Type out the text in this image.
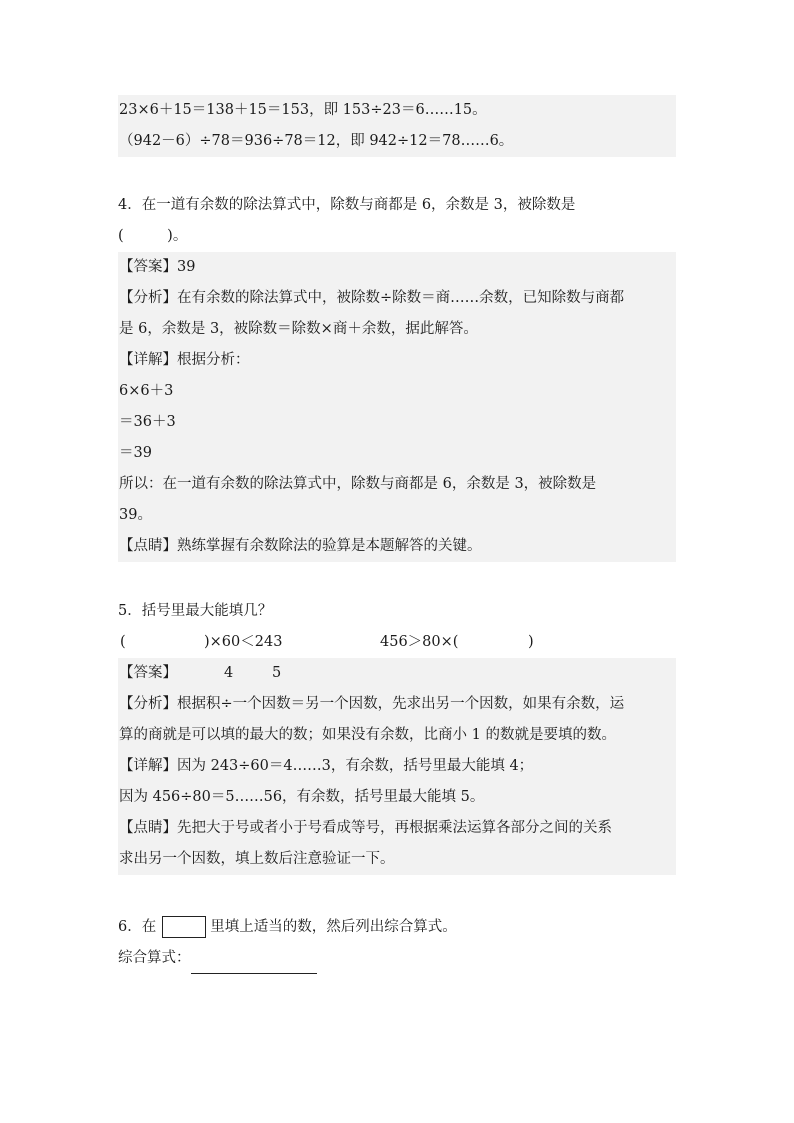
23×6＋15＝138＋15＝153，即 153÷23＝6……15。
（942－6）÷78＝936÷78＝12，即 942÷12＝78……6。
4．在一道有余数的除法算式中，除数与商都是 6，余数是 3，被除数是
(　　　)。
【答案】39
【分析】在有余数的除法算式中，被除数÷除数＝商……余数，已知除数与商都
是 6，余数是 3，被除数＝除数×商＋余数，据此解答。
【详解】根据分析：
6×6＋3
＝36＋3
＝39
所以：在一道有余数的除法算式中，除数与商都是 6，余数是 3，被除数是
39。
【点睛】熟练掌握有余数除法的验算是本题解答的关键。
5．括号里最大能填几？
(	)×60＜243	456＞80×(	)
【答案】	4	5
【分析】根据积÷一个因数＝另一个因数，先求出另一个因数，如果有余数，运
算的商就是可以填的最大的数；如果没有余数，比商小 1 的数就是要填的数。
【详解】因为 243÷60＝4……3，有余数，括号里最大能填 4；
因为 456÷80＝5……56，有余数，括号里最大能填 5。
【点睛】先把大于号或者小于号看成等号，再根据乘法运算各部分之间的关系
求出另一个因数，填上数后注意验证一下。
6．在	里填上适当的数，然后列出综合算式。
综合算式：
